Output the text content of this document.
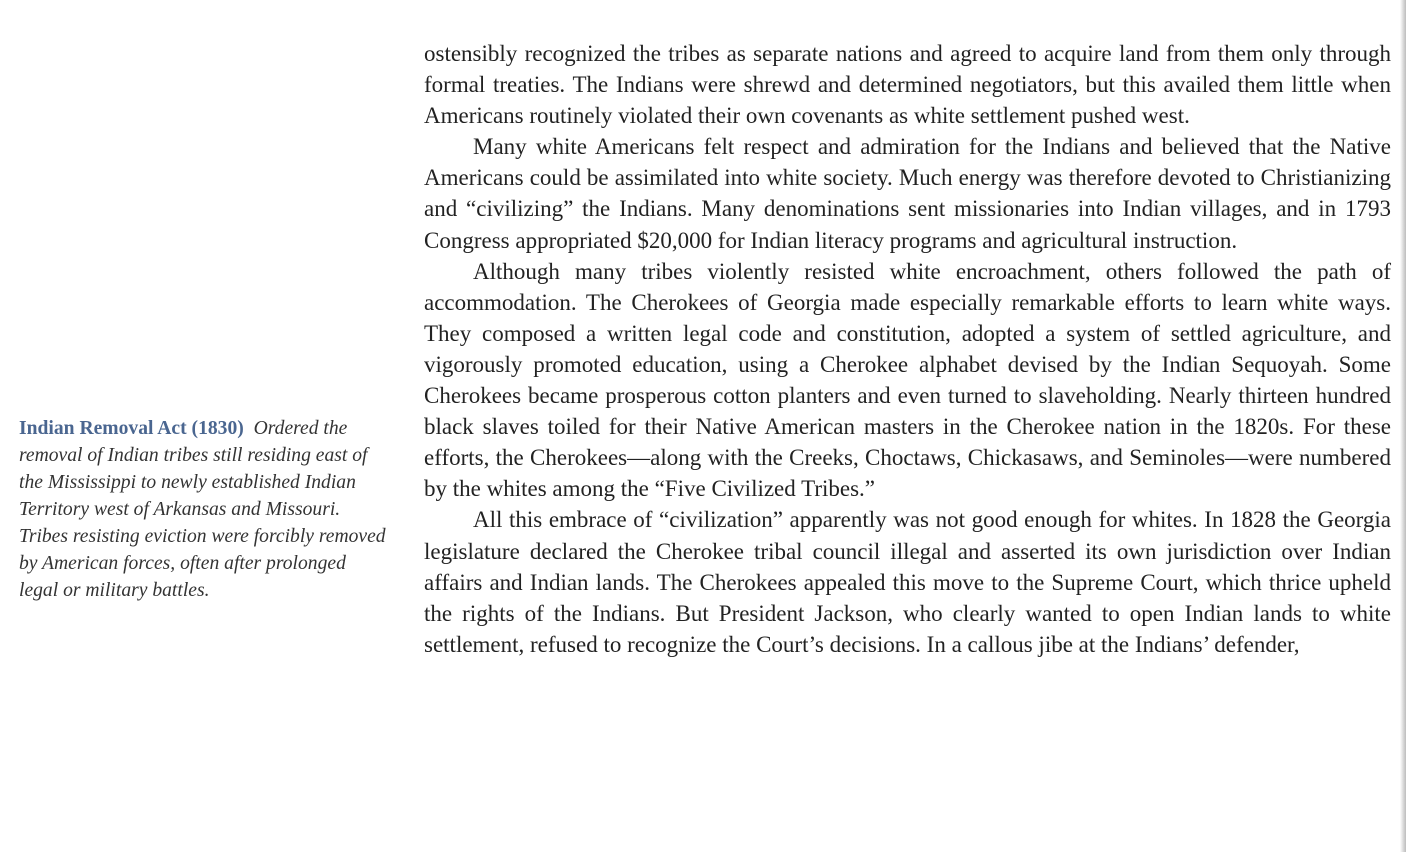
Indian Removal Act (1830) Ordered the removal of Indian tribes still residing east of the Mississippi to newly established Indian Territory west of Arkansas and Missouri. Tribes resisting eviction were forcibly removed by American forces, often after prolonged legal or military battles.

ostensibly recognized the tribes as separate nations and agreed to acquire land from them only through formal treaties. The Indians were shrewd and determined negotiators, but this availed them little when Americans routinely violated their own covenants as white settlement pushed west.

Many white Americans felt respect and admiration for the Indians and believed that the Native Americans could be assimilated into white society. Much energy was therefore devoted to Christianizing and “civilizing” the Indians. Many denominations sent missionaries into Indian villages, and in 1793 Congress appropriated $20,000 for Indian literacy programs and agricultural instruction.

Although many tribes violently resisted white encroachment, others followed the path of accommodation. The Cherokees of Georgia made especially remarkable efforts to learn white ways. They composed a written legal code and constitution, adopted a system of settled agriculture, and vigorously promoted education, using a Cherokee alphabet devised by the Indian Sequoyah. Some Cherokees became prosperous cotton planters and even turned to slaveholding. Nearly thirteen hundred black slaves toiled for their Native American masters in the Cherokee nation in the 1820s. For these efforts, the Cherokees—along with the Creeks, Choctaws, Chickasaws, and Seminoles—were numbered by the whites among the “Five Civilized Tribes.”

All this embrace of “civilization” apparently was not good enough for whites. In 1828 the Georgia legislature declared the Cherokee tribal council illegal and asserted its own jurisdiction over Indian affairs and Indian lands. The Cherokees appealed this move to the Supreme Court, which thrice upheld the rights of the Indians. But President Jackson, who clearly wanted to open Indian lands to white settlement, refused to recognize the Court’s decisions. In a callous jibe at the Indians’ defender,
